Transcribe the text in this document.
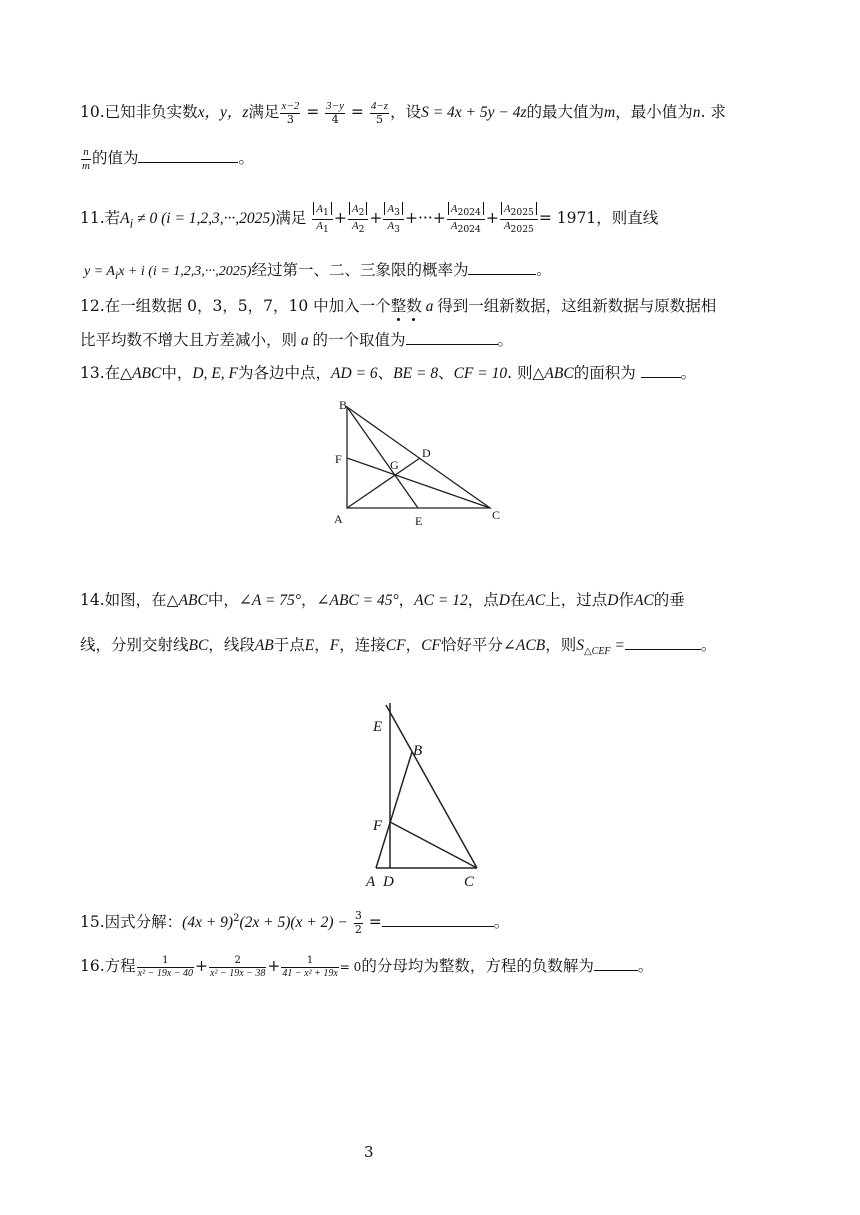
10.已知非负实数x，y，z满足 $\frac{x-2}{3} = \frac{3-y}{4} = \frac{4-z}{5}$ ，设S = 4x + 5y − 4z的最大值为m，最小值为n. 求
$\frac{n}{m}$ 的值为	。
11.若$A_i \ne 0$ (i = 1,2,3,···,2025)满足 $\frac{A_1}{A_1} + \frac{A_2}{A_2} + \frac{A_3}{A_3}$ +···+ $\frac{A_{2024}}{A_{2024}} + \frac{A_{2025}}{A_{2025}} = 1971$，则直线
$y = A_ix + i$ (i = 1,2,3,···,2025)经过第一、二、三象限的概率为	。
12.在一组数据 0，3，5，7，10 中加入一个整数 a 得到一组新数据，这组新数据与原数据相
比平均数不增大且方差减小，则 a 的一个取值为	。
13.在△ABC中，D, E, F为各边中点，AD = 6、BE = 8、CF = 10. 则△ABC的面积为	。
B
F	G
D
A	E	C
14.如图，在△ABC中，∠A = 75°，∠ABC = 45°，AC = 12，点D在AC上，过点D作AC的垂
线，分别交射线BC，线段AB于点E，F，连接CF，CF恰好平分∠ACB，则$S_{\triangle CEF}$ =	。
E
B
F
A D	C
15.因式分解：$(4x + 9)^2(2x + 5)(x + 2) - \frac{3}{2}$ =	。
16.方程 $\frac{1}{\text{x² − 19x − 40}} + \frac{2}{\text{x² − 19x − 38}} + \frac{1}{\text{41 − x² + 19x}} = 0$的分母均为整数，方程的负数解为	。
3
